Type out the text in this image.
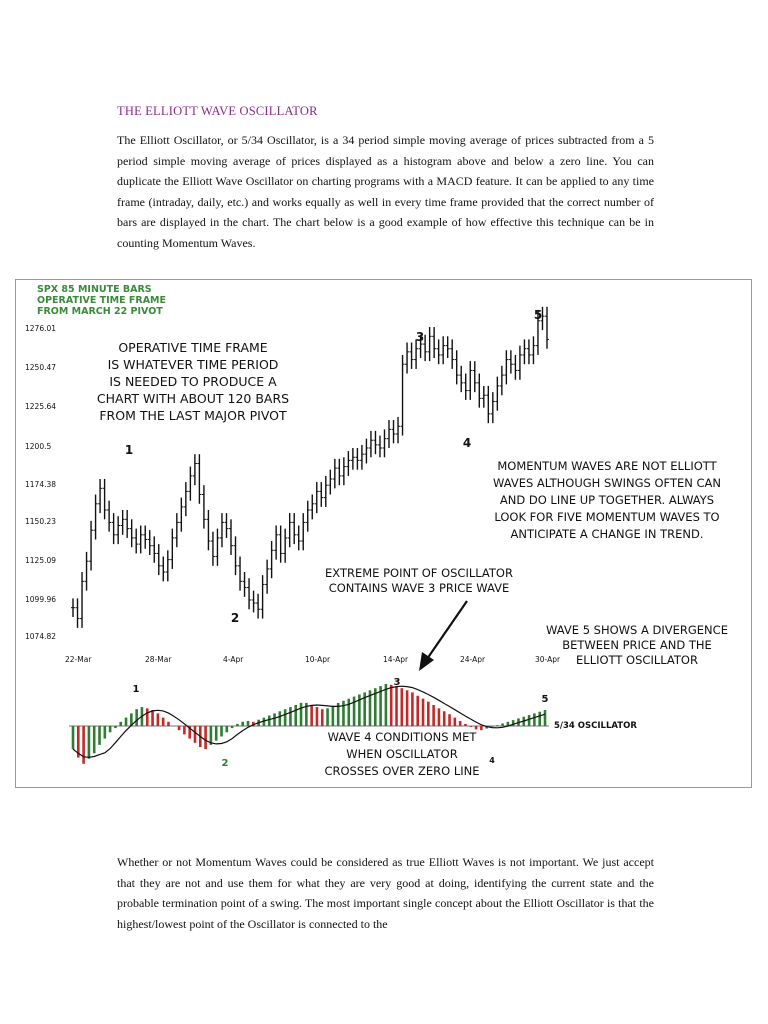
THE ELLIOTT WAVE OSCILLATOR
The Elliott Oscillator, or 5/34 Oscillator, is a 34 period simple moving average of prices subtracted from a 5 period simple moving average of prices displayed as a histogram above and below a zero line. You can duplicate the Elliott Wave Oscillator on charting programs with a MACD feature. It can be applied to any time frame (intraday, daily, etc.) and works equally as well in every time frame provided that the correct number of bars are displayed in the chart. The chart below is a good example of how effective this technique can be in counting Momentum Waves.
SPX 85 MINUTE BARS
OPERATIVE TIME FRAME
FROM MARCH 22 PIVOT
1276.01
1250.47
1225.64
1200.5
1174.38
1150.23
1125.09
1099.96
1074.82
22-Mar	28-Mar	4-Apr	10-Apr	14-Apr	24-Apr	30-Apr
1
2
3
4
5
5/34 OSCILLATOR
1
2
3
4
5
OPERATIVE TIME FRAME
IS WHATEVER TIME PERIOD
IS NEEDED TO PRODUCE A
CHART WITH ABOUT 120 BARS
FROM THE LAST MAJOR PIVOT
MOMENTUM WAVES ARE NOT ELLIOTT
WAVES ALTHOUGH SWINGS OFTEN CAN
AND DO LINE UP TOGETHER. ALWAYS
LOOK FOR FIVE MOMENTUM WAVES TO
ANTICIPATE A CHANGE IN TREND.
EXTREME POINT OF OSCILLATOR
CONTAINS WAVE 3 PRICE WAVE
WAVE 5 SHOWS A DIVERGENCE
BETWEEN PRICE AND THE
ELLIOTT OSCILLATOR
WAVE 4 CONDITIONS MET
WHEN OSCILLATOR
CROSSES OVER ZERO LINE
Whether or not Momentum Waves could be considered as true Elliott Waves is not important. We just accept that they are not and use them for what they are very good at doing, identifying the current state and the probable termination point of a swing. The most important single concept about the Elliott Oscillator is that the highest/lowest point of the Oscillator is connected to the
